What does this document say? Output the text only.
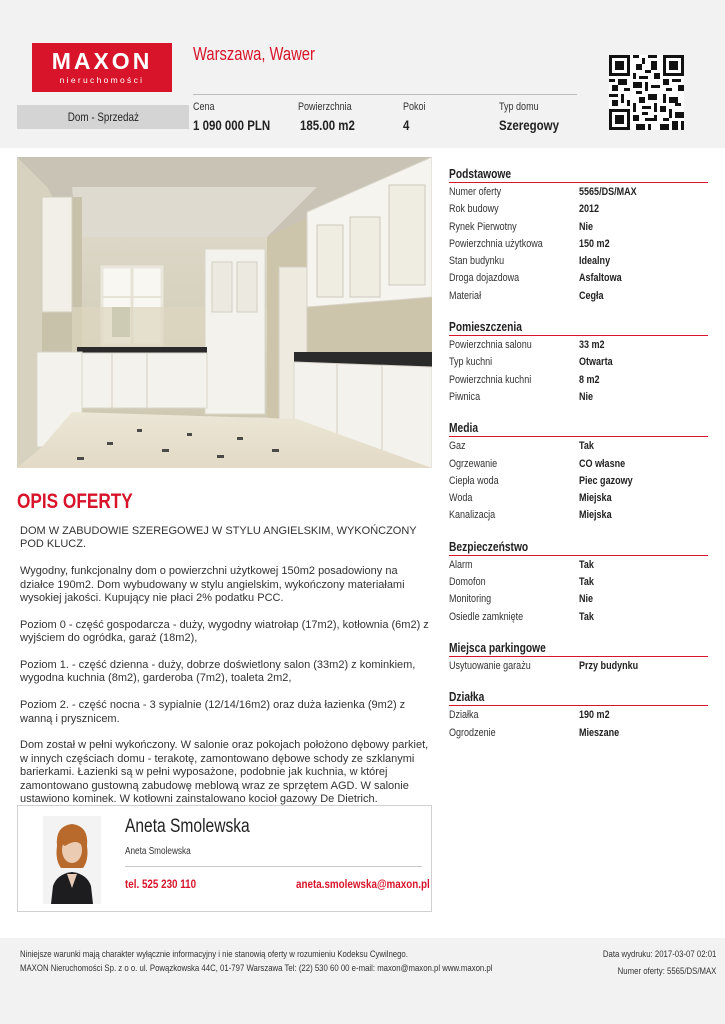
MAXON
nieruchomości
Dom - Sprzedaż
Warszawa, Wawer
Cena
1 090 000 PLN
Powierzchnia
185.00 m2
Pokoi
4
Typ domu
Szeregowy
OPIS OFERTY

DOM W ZABUDOWIE SZEREGOWEJ W STYLU ANGIELSKIM, WYKOŃCZONY POD KLUCZ.

Wygodny, funkcjonalny dom o powierzchni użytkowej 150m2 posadowiony na działce 190m2. Dom wybudowany w stylu angielskim, wykończony materiałami wysokiej jakości. Kupujący nie płaci 2% podatku PCC.

Poziom 0 - część gospodarcza - duży, wygodny wiatrołap (17m2), kotłownia (6m2) z wyjściem do ogródka, garaż (18m2),

Poziom 1. - część dzienna - duży, dobrze doświetlony salon (33m2) z kominkiem, wygodna kuchnia (8m2), garderoba (7m2), toaleta 2m2,

Poziom 2. - część nocna - 3 sypialnie (12/14/16m2) oraz duża łazienka (9m2) z wanną i prysznicem.

Dom został w pełni wykończony. W salonie oraz pokojach położono dębowy parkiet, w innych częściach domu - terakotę, zamontowano dębowe schody ze szklanymi barierkami. Łazienki są w pełni wyposażone, podobnie jak kuchnia, w której zamontowano gustowną zabudowę meblową wraz ze sprzętem AGD. W salonie ustawiono kominek. W kotłowni zainstalowano kocioł gazowy De Dietrich.

Aneta Smolewska
Aneta Smolewska
tel. 525 230 110	aneta.smolewska@maxon.pl
Podstawowe
Numer oferty	5565/DS/MAX
Rok budowy	2012
Rynek Pierwotny	Nie
Powierzchnia użytkowa	150 m2
Stan budynku	Idealny
Droga dojazdowa	Asfaltowa
Materiał	Cegła
Pomieszczenia
Powierzchnia salonu	33 m2
Typ kuchni	Otwarta
Powierzchnia kuchni	8 m2
Piwnica	Nie
Media
Gaz	Tak
Ogrzewanie	CO własne
Ciepła woda	Piec gazowy
Woda	Miejska
Kanalizacja	Miejska
Bezpieczeństwo
Alarm	Tak
Domofon	Tak
Monitoring	Nie
Osiedle zamknięte	Tak
Miejsca parkingowe
Usytuowanie garażu	Przy budynku
Działka
Działka	190 m2
Ogrodzenie	Mieszane
Niniejsze warunki mają charakter wyłącznie informacyjny i nie stanowią oferty w rozumieniu Kodeksu Cywilnego.
MAXON Nieruchomości Sp. z o o. ul. Powązkowska 44C, 01-797 Warszawa Tel: (22) 530 60 00 e-mail: maxon@maxon.pl www.maxon.pl
Data wydruku: 2017-03-07 02:01
Numer oferty: 5565/DS/MAX
